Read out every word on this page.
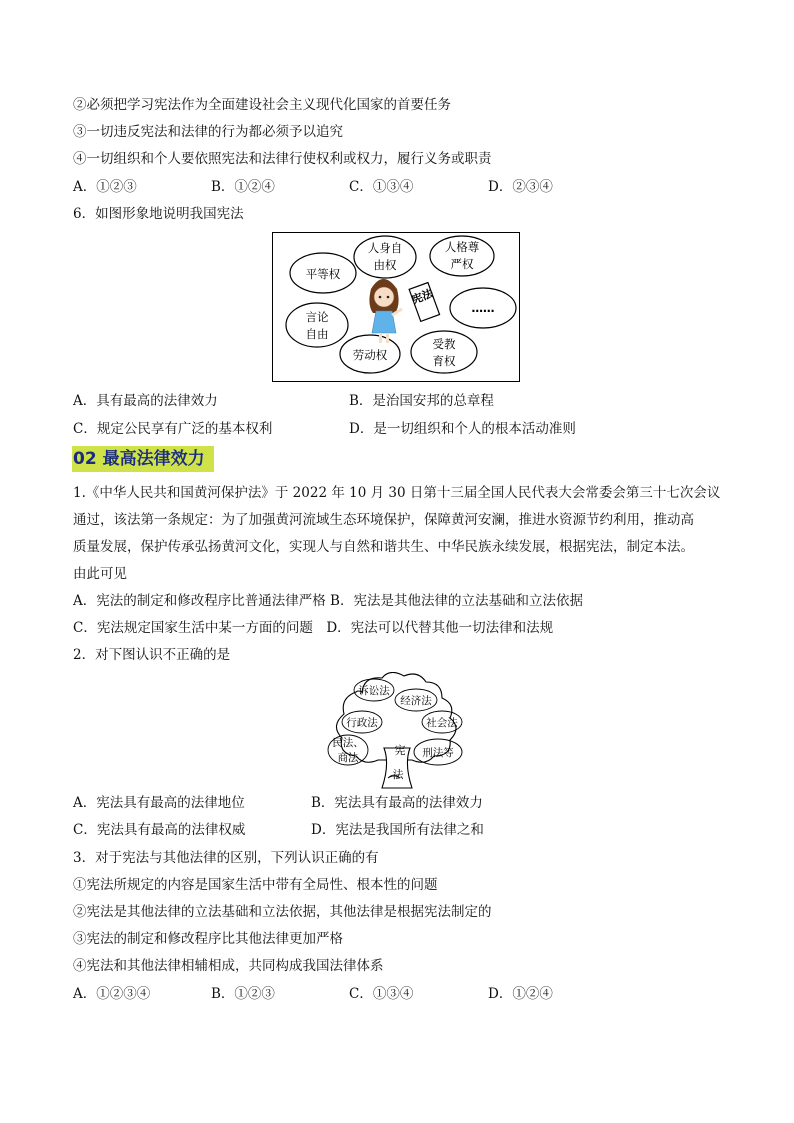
②必须把学习宪法作为全面建设社会主义现代化国家的首要任务
③一切违反宪法和法律的行为都必须予以追究
④一切组织和个人要依照宪法和法律行使权利或权力，履行义务或职责
A．①②③	B．①②④	C．①③④	D．②③④
6．如图形象地说明我国宪法
平等权
人身自
由权
人格尊
严权
言论
自由
……
劳动权
受教
育权
宪法
A．具有最高的法律效力	B．是治国安邦的总章程
C．规定公民享有广泛的基本权利	D．是一切组织和个人的根本活动准则
02 最高法律效力
1.《中华人民共和国黄河保护法》于 2022 年 10 月 30 日第十三届全国人民代表大会常委会第三十七次会议
通过，该法第一条规定：为了加强黄河流域生态环境保护，保障黄河安澜，推进水资源节约利用，推动高
质量发展，保护传承弘扬黄河文化，实现人与自然和谐共生、中华民族永续发展，根据宪法，制定本法。
由此可见
A．宪法的制定和修改程序比普通法律严格 B．宪法是其他法律的立法基础和立法依据
C．宪法规定国家生活中某一方面的问题　D．宪法可以代替其他一切法律和法规
2．对下图认识不正确的是
诉讼法
经济法
行政法	社会法
民法、
商法	刑法等
宪
法
A．宪法具有最高的法律地位	B．宪法具有最高的法律效力
C．宪法具有最高的法律权威	D．宪法是我国所有法律之和
3．对于宪法与其他法律的区别，下列认识正确的有
①宪法所规定的内容是国家生活中带有全局性、根本性的问题
②宪法是其他法律的立法基础和立法依据，其他法律是根据宪法制定的
③宪法的制定和修改程序比其他法律更加严格
④宪法和其他法律相辅相成，共同构成我国法律体系
A．①②③④	B．①②③	C．①③④	D．①②④
